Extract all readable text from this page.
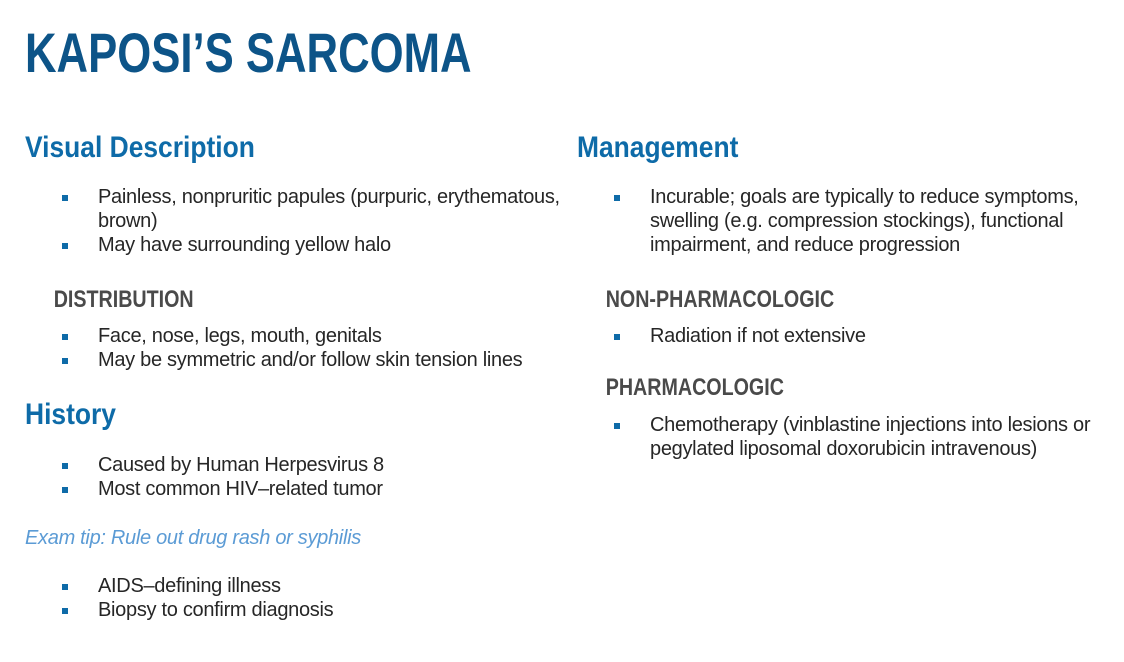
KAPOSI’S SARCOMA
Visual Description
Painless, nonpruritic papules (purpuric, erythematous, brown)
May have surrounding yellow halo
DISTRIBUTION
Face, nose, legs, mouth, genitals
May be symmetric and/or follow skin tension lines
History
Caused by Human Herpesvirus 8
Most common HIV–related tumor

Exam tip: Rule out drug rash or syphilis

AIDS–defining illness
Biopsy to confirm diagnosis
Management
Incurable; goals are typically to reduce symptoms, swelling (e.g. compression stockings), functional impairment, and reduce progression
NON-PHARMACOLOGIC
Radiation if not extensive
PHARMACOLOGIC
Chemotherapy (vinblastine injections into lesions or pegylated liposomal doxorubicin intravenous)
